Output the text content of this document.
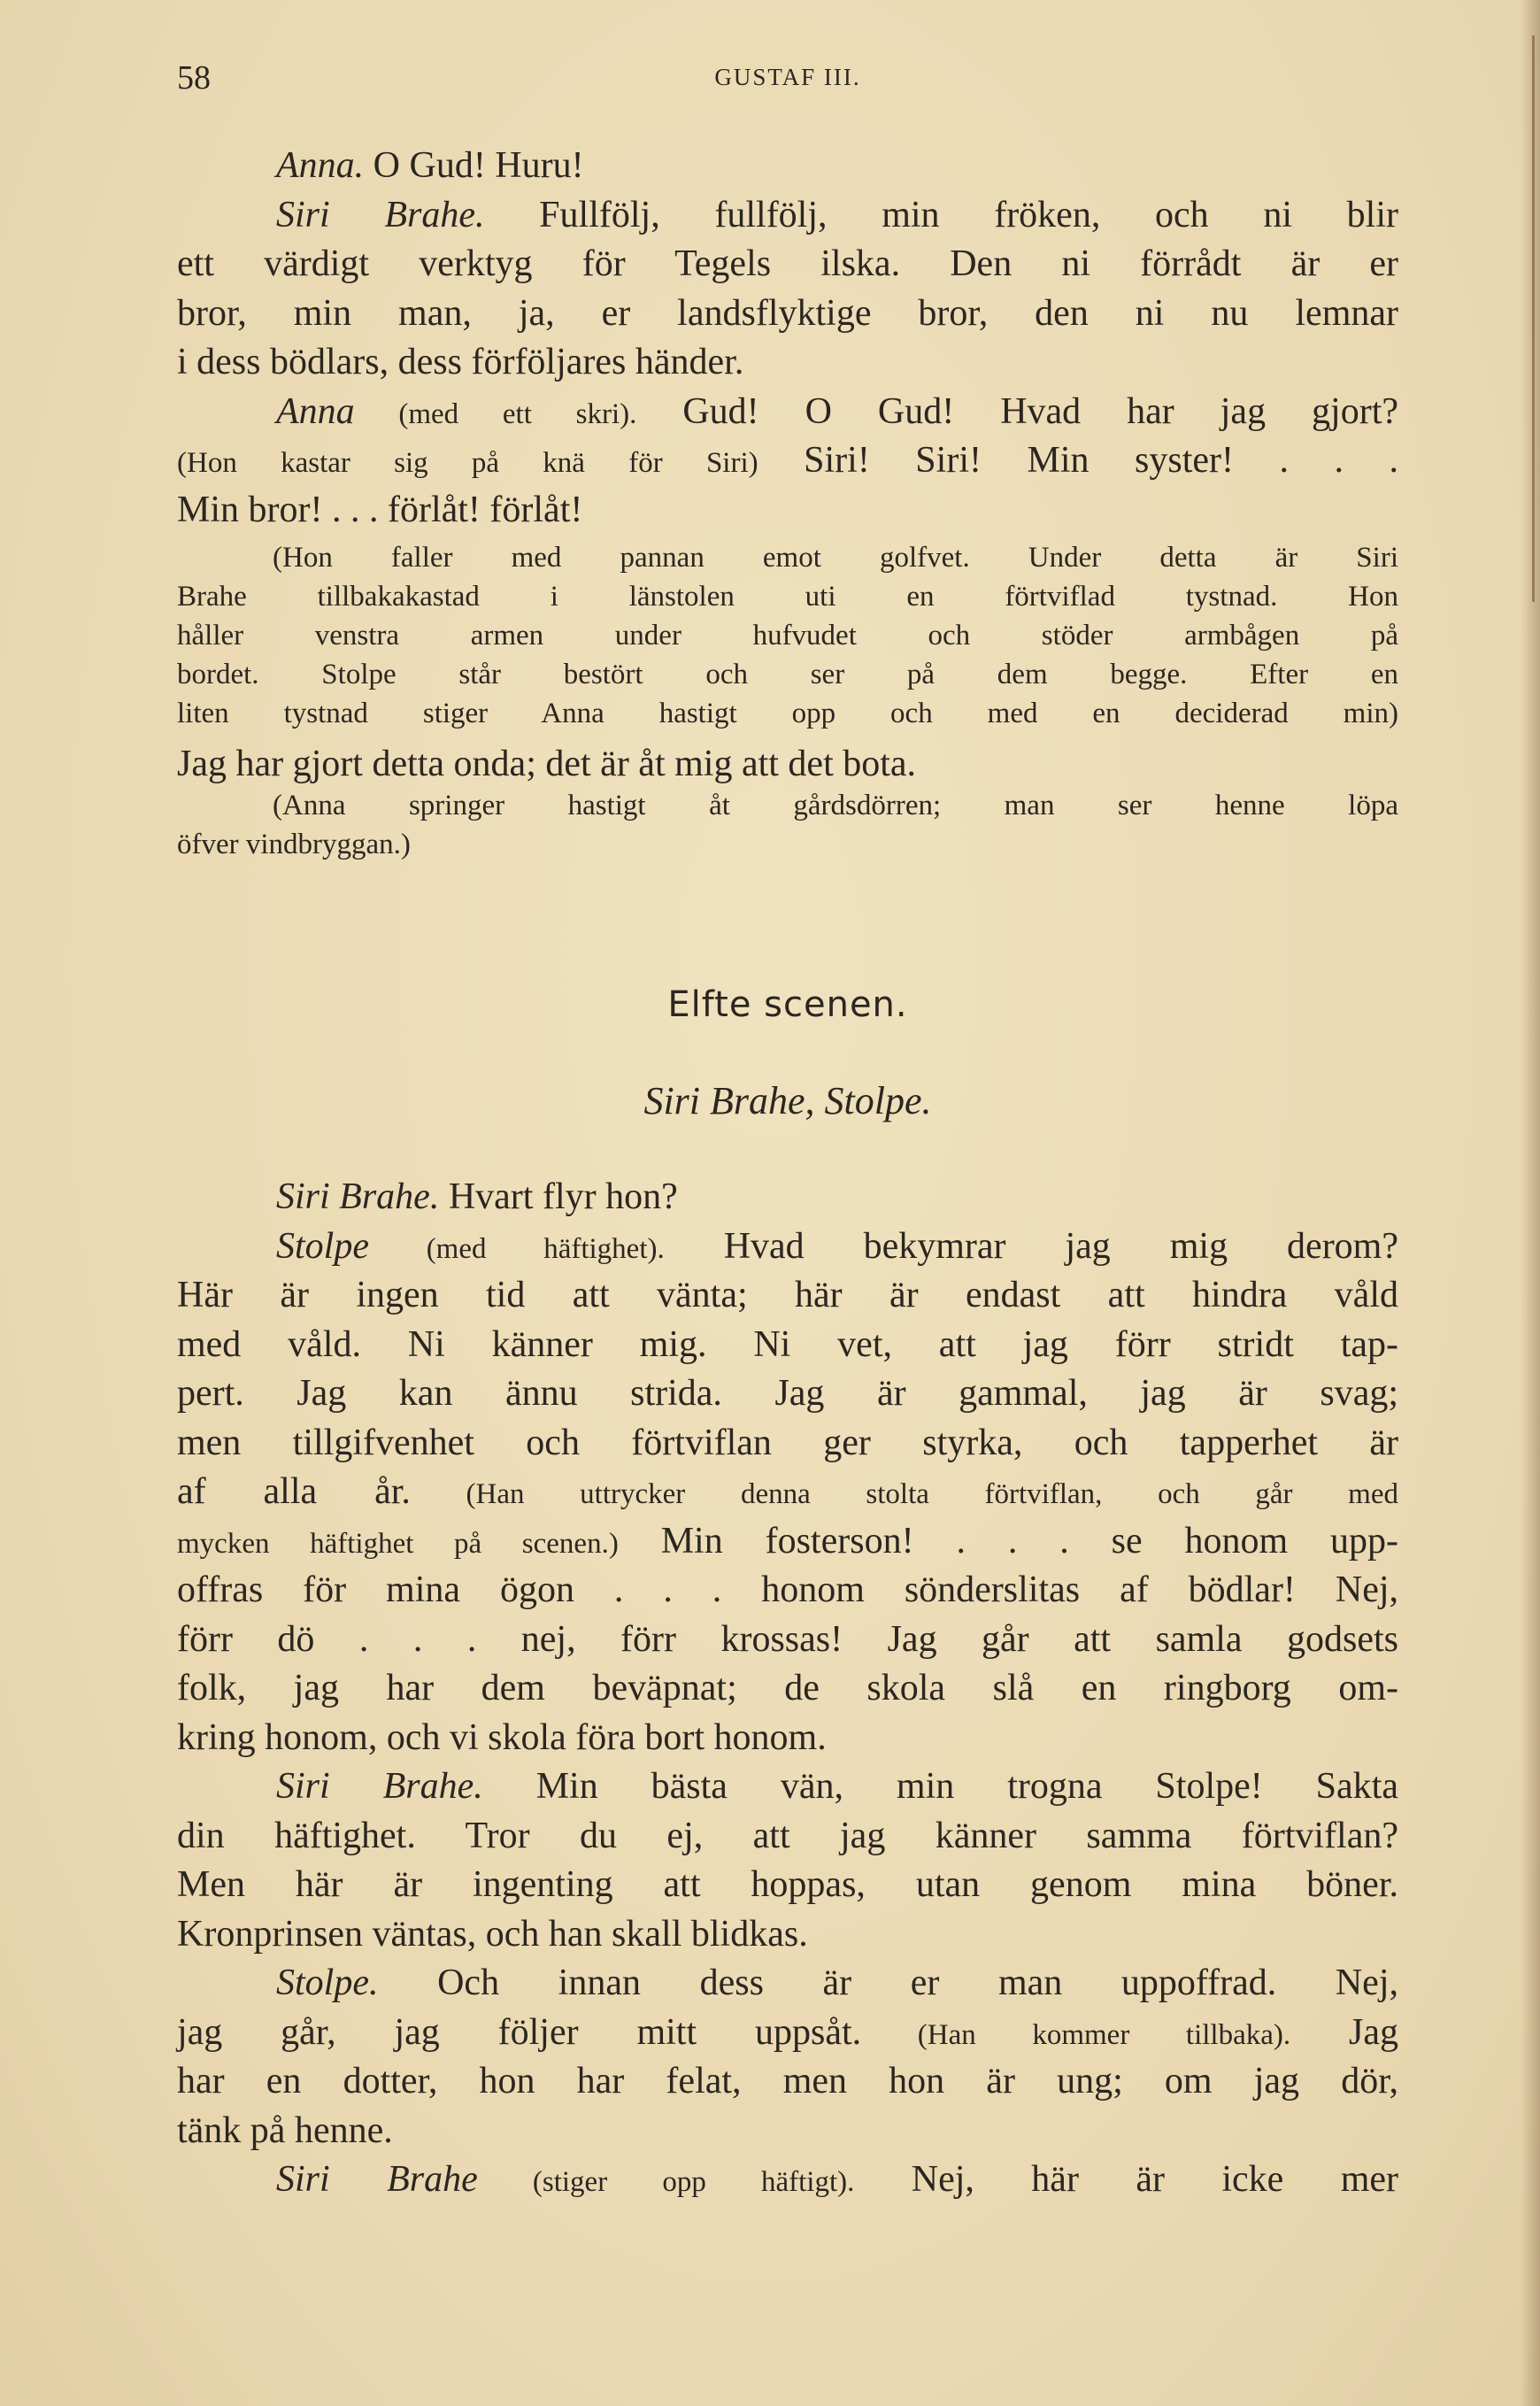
58	GUSTAF III.
Anna. O Gud! Huru!
Siri Brahe. Fullfölj, fullfölj, min fröken, och ni blir
ett värdigt verktyg för Tegels ilska. Den ni förrådt är er
bror, min man, ja, er landsflyktige bror, den ni nu lemnar
i dess bödlars, dess förföljares händer.
Anna (med ett skri). Gud! O Gud! Hvad har jag gjort?
(Hon kastar sig på knä för Siri) Siri! Siri! Min syster! . . .
Min bror! . . . förlåt! förlåt!
(Hon faller med pannan emot golfvet. Under detta är Siri
Brahe tillbakakastad i länstolen uti en förtviflad tystnad. Hon
håller venstra armen under hufvudet och stöder armbågen på
bordet. Stolpe står bestört och ser på dem begge. Efter en
liten tystnad stiger Anna hastigt opp och med en deciderad min)
Jag har gjort detta onda; det är åt mig att det bota.
(Anna springer hastigt åt gårdsdörren; man ser henne löpa
öfver vindbryggan.)
Elfte scenen.
Siri Brahe, Stolpe.
Siri Brahe. Hvart flyr hon?
Stolpe (med häftighet). Hvad bekymrar jag mig derom?
Här är ingen tid att vänta; här är endast att hindra våld
med våld. Ni känner mig. Ni vet, att jag förr stridt tap-
pert. Jag kan ännu strida. Jag är gammal, jag är svag;
men tillgifvenhet och förtviflan ger styrka, och tapperhet är
af alla år. (Han uttrycker denna stolta förtviflan, och går med
mycken häftighet på scenen.) Min fosterson! . . . se honom upp-
offras för mina ögon . . . honom sönderslitas af bödlar! Nej,
förr dö . . . nej, förr krossas! Jag går att samla godsets
folk, jag har dem beväpnat; de skola slå en ringborg om-
kring honom, och vi skola föra bort honom.
Siri Brahe. Min bästa vän, min trogna Stolpe! Sakta
din häftighet. Tror du ej, att jag känner samma förtviflan?
Men här är ingenting att hoppas, utan genom mina böner.
Kronprinsen väntas, och han skall blidkas.
Stolpe. Och innan dess är er man uppoffrad. Nej,
jag går, jag följer mitt uppsåt. (Han kommer tillbaka). Jag
har en dotter, hon har felat, men hon är ung; om jag dör,
tänk på henne.
Siri Brahe (stiger opp häftigt). Nej, här är icke mer
